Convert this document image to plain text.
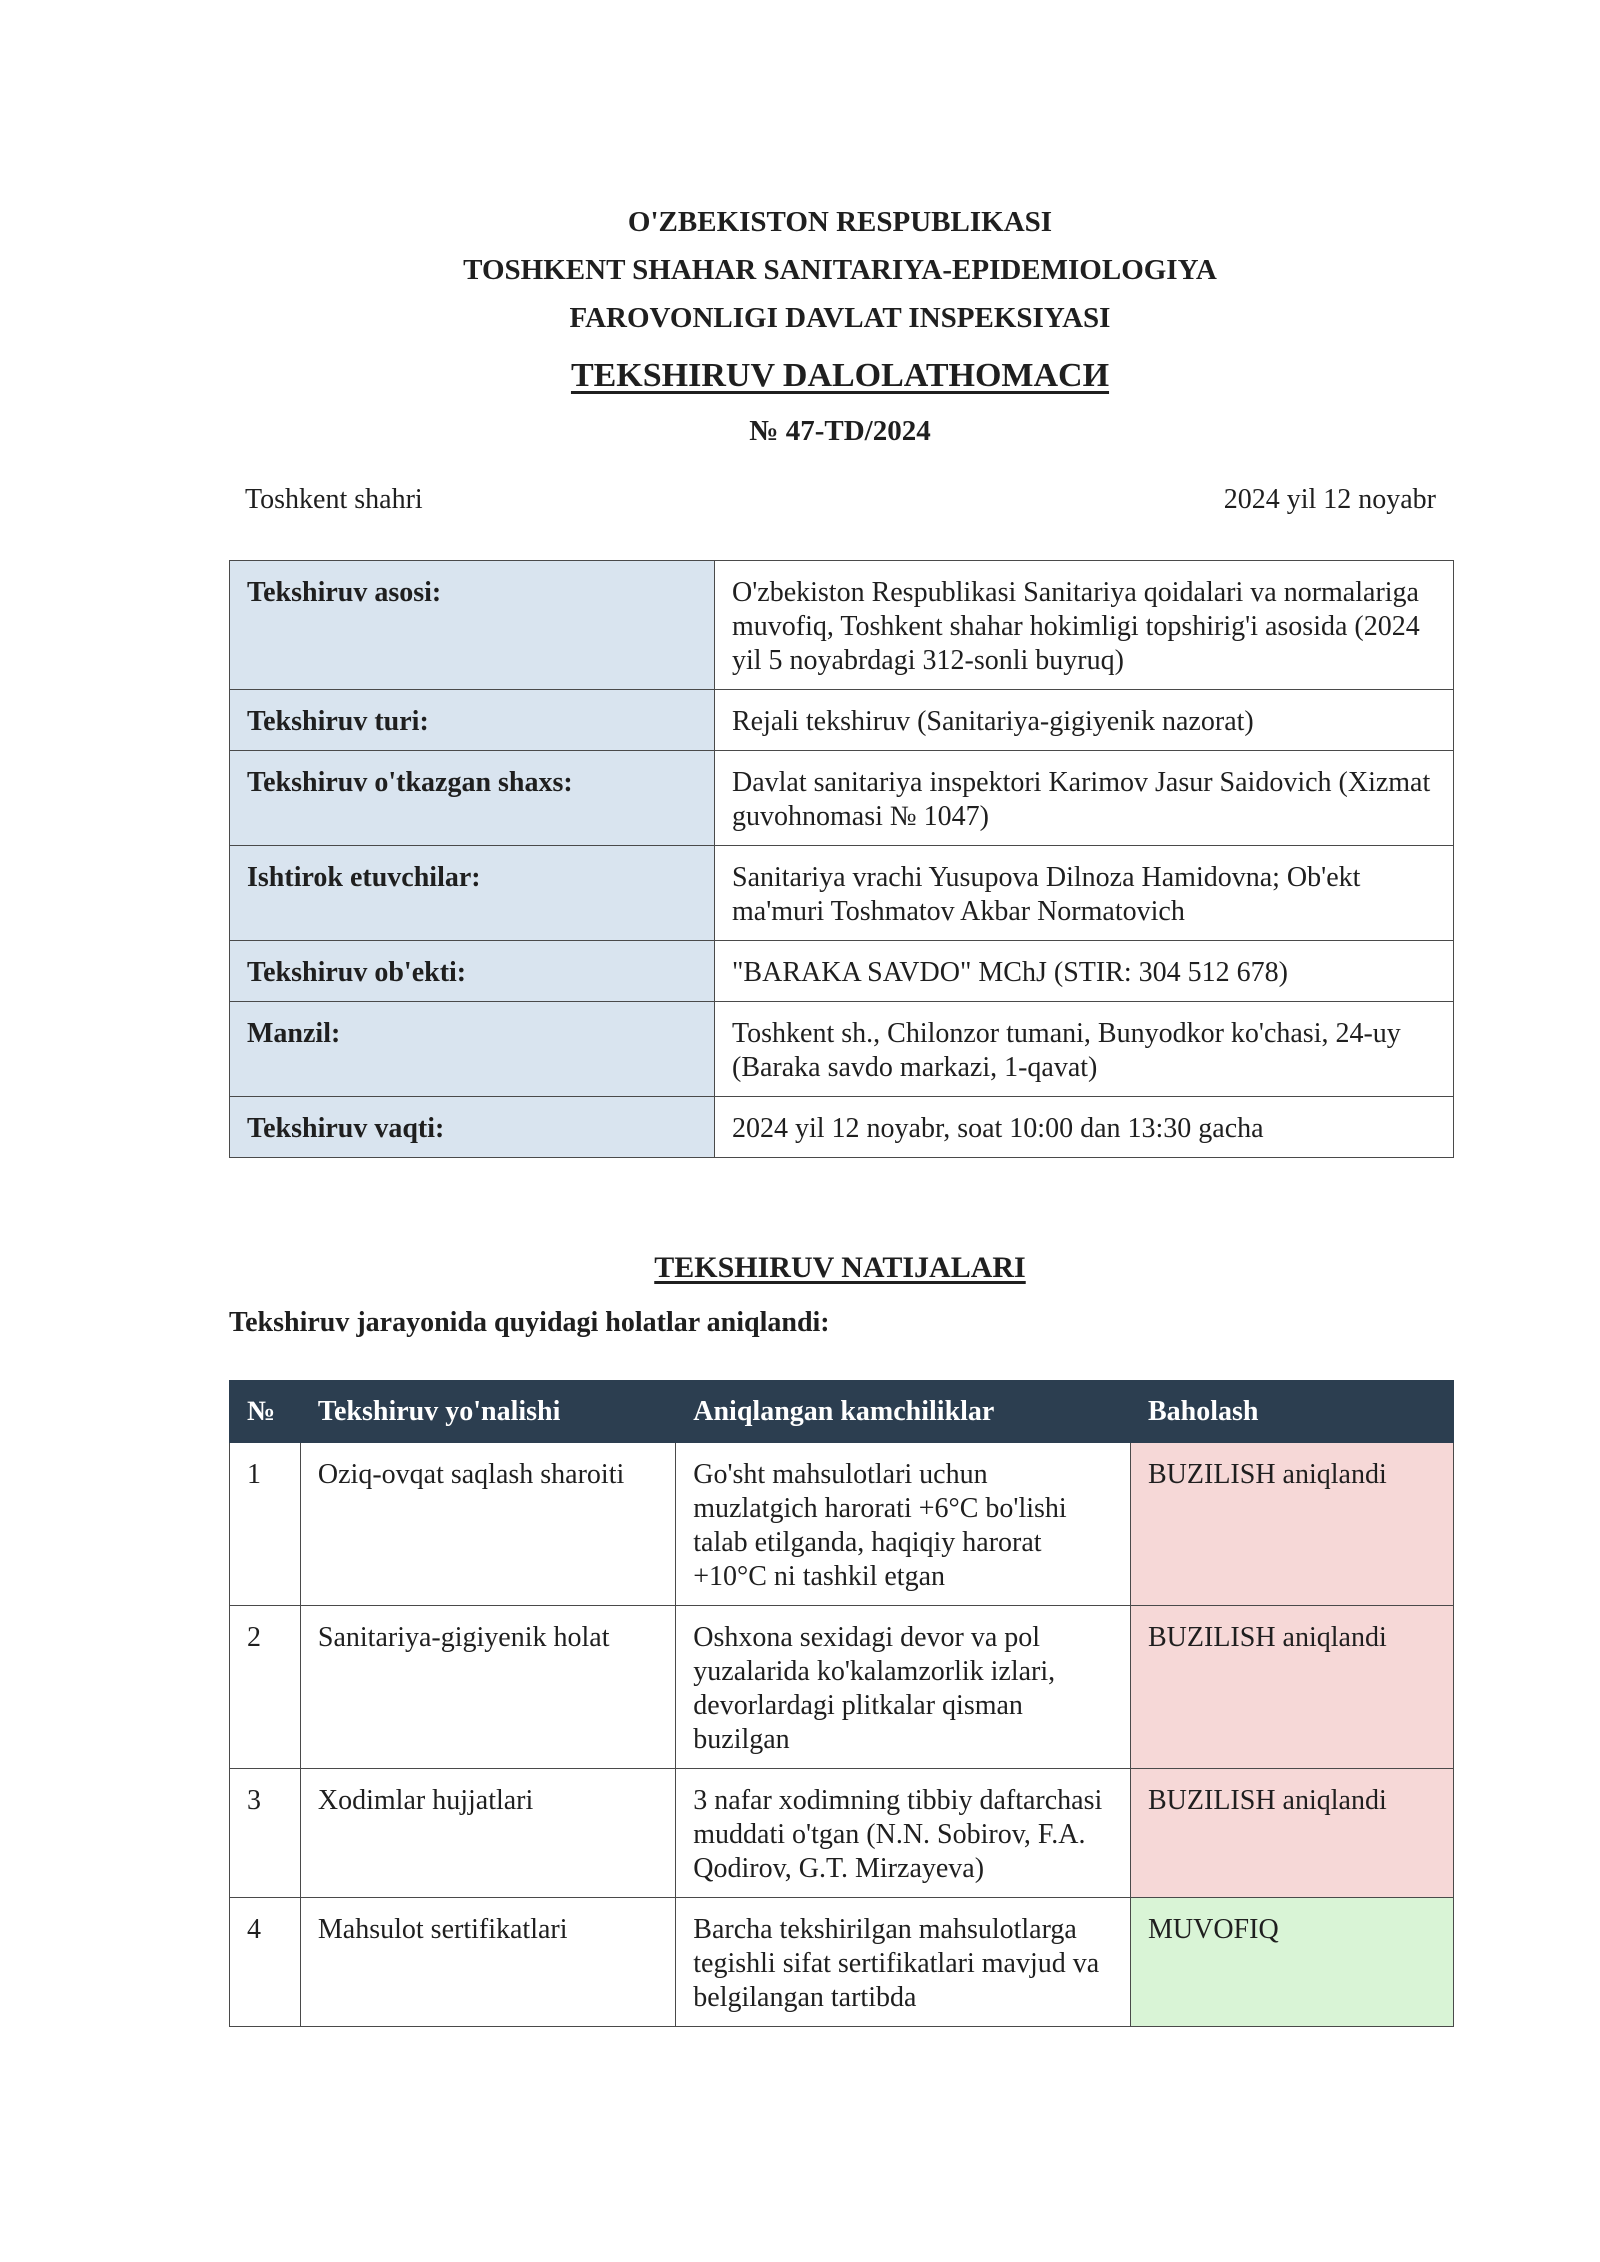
O'ZBEKISTON RESPUBLIKASI
TOSHKENT SHAHAR SANITARIYA-EPIDEMIOLOGIYA
FAROVONLIGI DAVLAT INSPEKSIYASI
TEKSHIRUV DALOLATHOMAСИ
№ 47-TD/2024
Toshkent shahri	2024 yil 12 noyabr
Tekshiruv asosi:	O'zbekiston Respublikasi Sanitariya qoidalari va normalariga muvofiq, Toshkent shahar hokimligi topshirig'i asosida (2024 yil 5 noyabrdagi 312-sonli buyruq)
Tekshiruv turi:	Rejali tekshiruv (Sanitariya-gigiyenik nazorat)
Tekshiruv o'tkazgan shaxs:	Davlat sanitariya inspektori Karimov Jasur Saidovich (Xizmat guvohnomasi № 1047)
Ishtirok etuvchilar:	Sanitariya vrachi Yusupova Dilnoza Hamidovna; Ob'ekt ma'muri Toshmatov Akbar Normatovich
Tekshiruv ob'ekti:	"BARAKA SAVDO" MChJ (STIR: 304 512 678)
Manzil:	Toshkent sh., Chilonzor tumani, Bunyodkor ko'chasi, 24-uy (Baraka savdo markazi, 1-qavat)
Tekshiruv vaqti:	2024 yil 12 noyabr, soat 10:00 dan 13:30 gacha
TEKSHIRUV NATIJALARI
Tekshiruv jarayonida quyidagi holatlar aniqlandi:
№	Tekshiruv yo'nalishi	Aniqlangan kamchiliklar	Baholash
1	Oziq-ovqat saqlash sharoiti	Go'sht mahsulotlari uchun muzlatgich harorati +6°C bo'lishi talab etilganda, haqiqiy harorat +10°C ni tashkil etgan	BUZILISH aniqlandi
2	Sanitariya-gigiyenik holat	Oshxona sexidagi devor va pol yuzalarida ko'kalamzorlik izlari, devorlardagi plitkalar qisman buzilgan	BUZILISH aniqlandi
3	Xodimlar hujjatlari	3 nafar xodimning tibbiy daftarchasi muddati o'tgan (N.N. Sobirov, F.A. Qodirov, G.T. Mirzayeva)	BUZILISH aniqlandi
4	Mahsulot sertifikatlari	Barcha tekshirilgan mahsulotlarga tegishli sifat sertifikatlari mavjud va belgilangan tartibda	MUVOFIQ
